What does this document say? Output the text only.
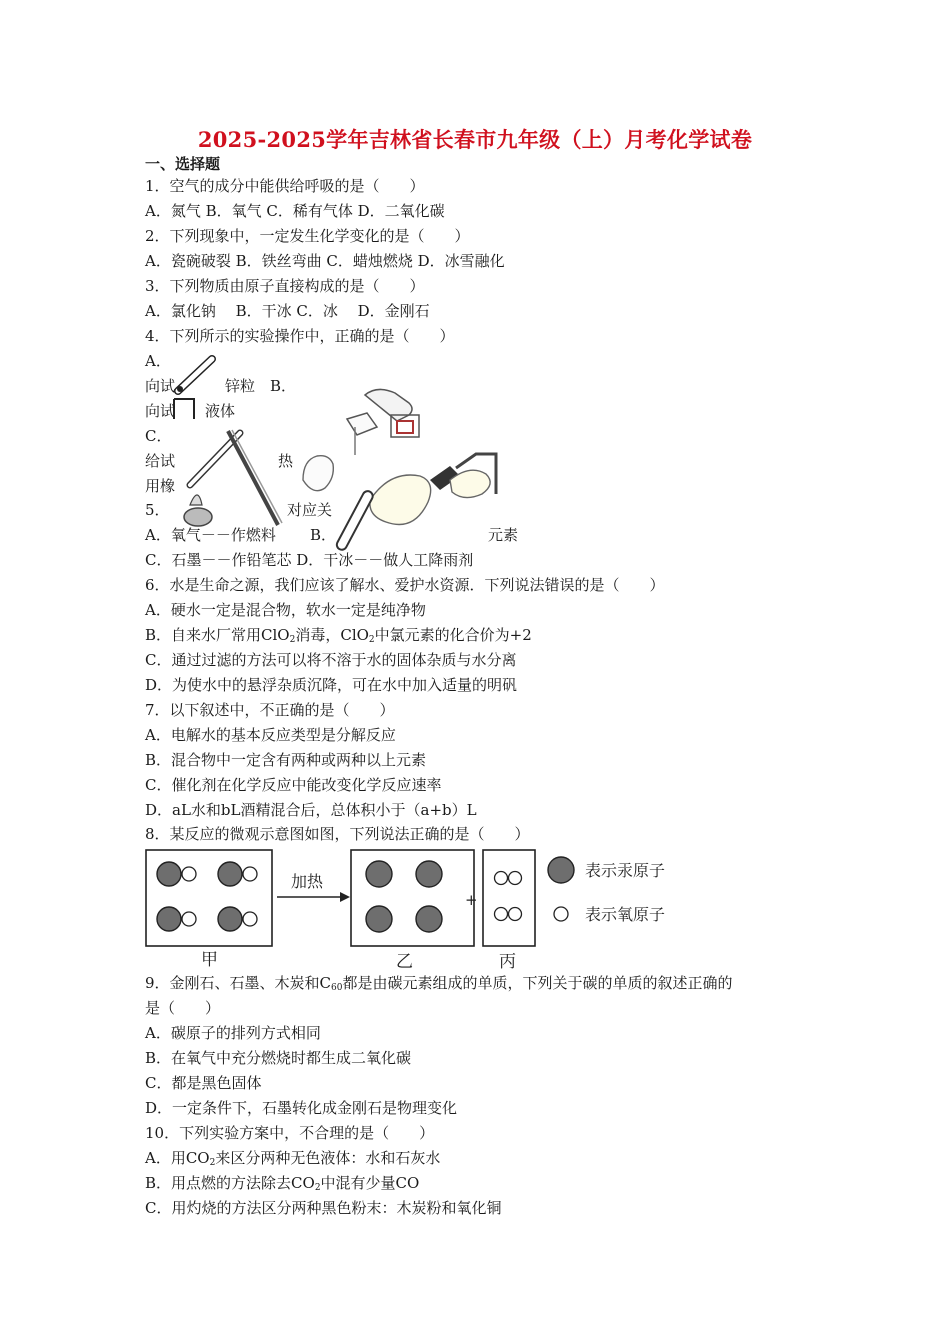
2025-2025学年吉林省长春市九年级（上）月考化学试卷
一、选择题
1．空气的成分中能供给呼吸的是（　　）
A．氮气 B．氧气 C．稀有气体 D．二氧化碳
2．下列现象中，一定发生化学变化的是（　　）
A．瓷碗破裂 B．铁丝弯曲 C．蜡烛燃烧 D．冰雪融化
3．下列物质由原子直接构成的是（　　）
A．氯化钠　 B．干冰 C．冰　 D．金刚石
4．下列所示的实验操作中，正确的是（　　）
A．
向试	锌粒　B．
向试 液体
C．
给试	热
用橡
5．	对应关
A．氧气－－作燃料 B．	元素
C．石墨－－作铅笔芯 D．干冰－－做人工降雨剂
6．水是生命之源，我们应该了解水、爱护水资源．下列说法错误的是（　　）
A．硬水一定是混合物，软水一定是纯净物
B．自来水厂常用ClO$_2$消毒，ClO$_2$中氯元素的化合价为+2
C．通过过滤的方法可以将不溶于水的固体杂质与水分离
D．为使水中的悬浮杂质沉降，可在水中加入适量的明矾
7．以下叙述中，不正确的是（　　）
A．电解水的基本反应类型是分解反应
B．混合物中一定含有两种或两种以上元素
C．催化剂在化学反应中能改变化学反应速率
D．aL水和bL酒精混合后，总体积小于（a+b）L
8．某反应的微观示意图如图，下列说法正确的是（　　）
加热
+
表示汞原子
表示氧原子
甲	乙	丙
9．金刚石、石墨、木炭和$C_{60}$都是由碳元素组成的单质，下列关于碳的单质的叙述正确的
是（　　）
A．碳原子的排列方式相同
B．在氧气中充分燃烧时都生成二氧化碳
C．都是黑色固体
D．一定条件下，石墨转化成金刚石是物理变化
10．下列实验方案中，不合理的是（　　）
A．用$CO_2$来区分两种无色液体：水和石灰水
B．用点燃的方法除去$CO_2$中混有少量CO
C．用灼烧的方法区分两种黑色粉末：木炭粉和氧化铜
